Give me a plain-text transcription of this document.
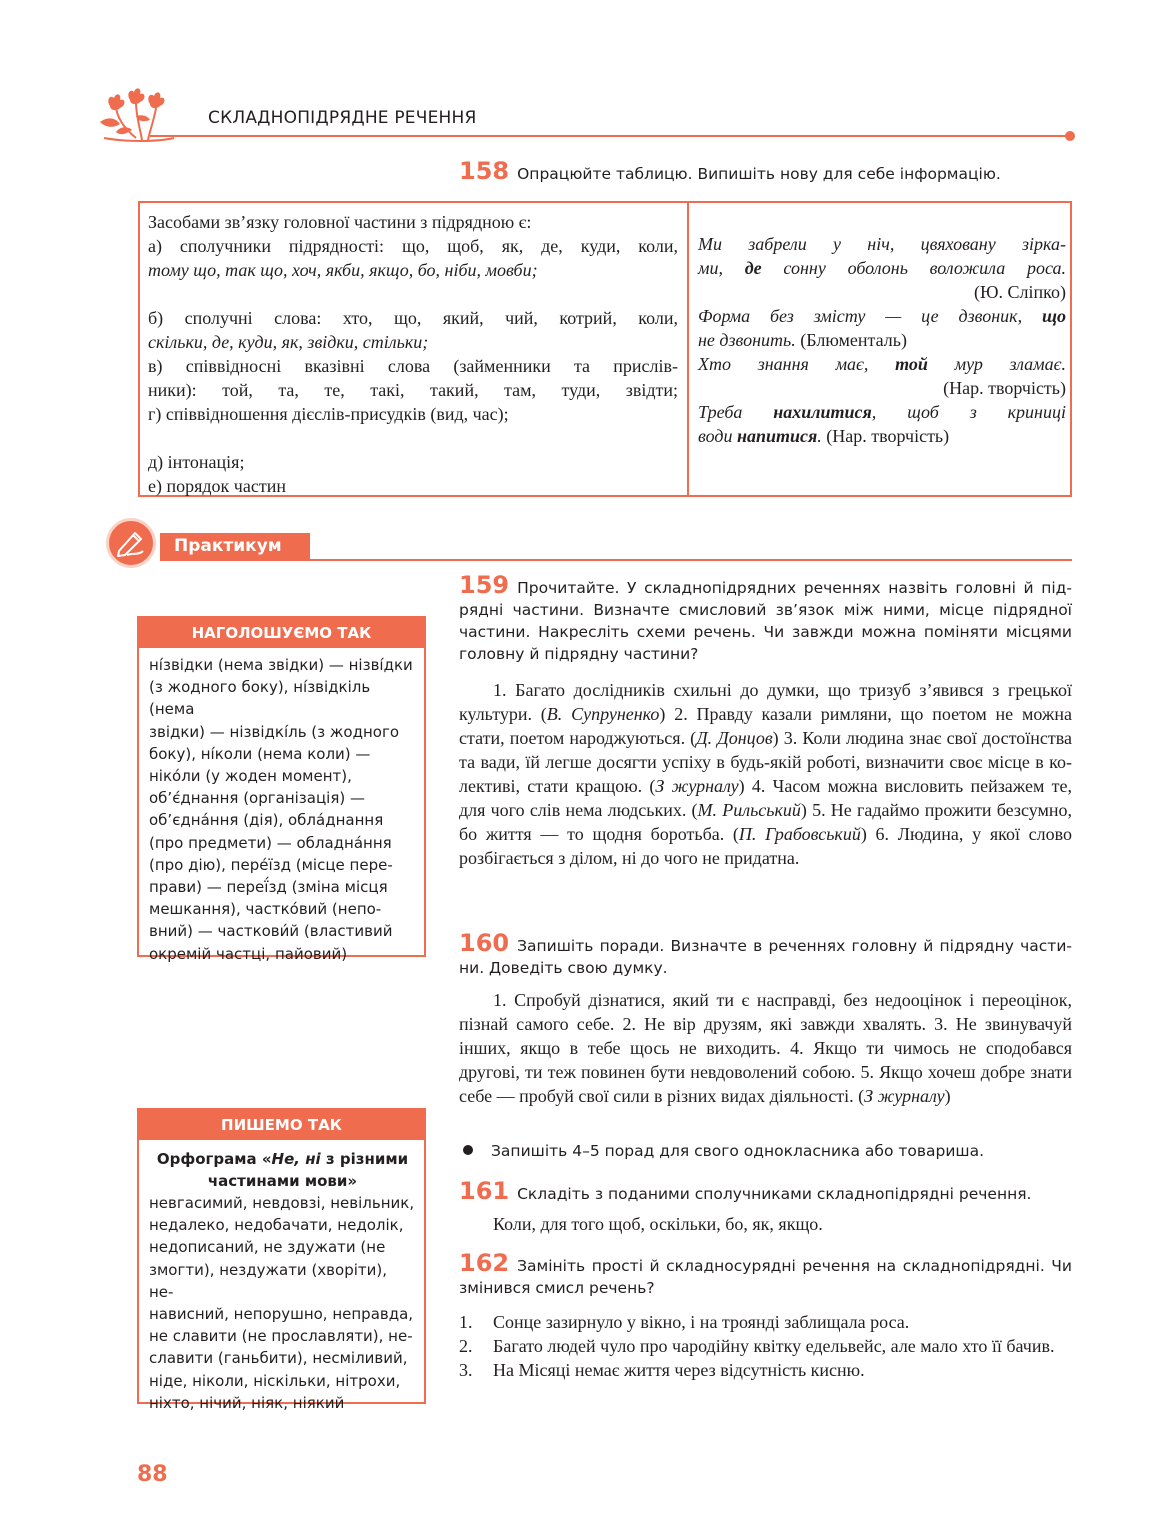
СКЛАДНОПІДРЯДНЕ РЕЧЕННЯ
158 Опрацюйте таблицю. Випишіть нову для себе інформацію.
Засобами зв’язку головної частини з підрядною є:
а) сполучники підрядності: що, щоб, як, де, куди, коли,
тому що, так що, хоч, якби, якщо, бо, ніби, мовби;
б) сполучні слова: хто, що, який, чий, котрий, коли,
скільки, де, куди, як, звідки, стільки;
в) співвідносні вказівні слова (займенники та прислів-
ники): той, та, те, такі, такий, там, туди, звідти;
г) співвідношення дієслів-присудків (вид, час);
д) інтонація;
е) порядок частин
Ми забрели у ніч, цвяховану зірка-
ми, де сонну оболонь воложила роса.
(Ю. Сліпко)
Форма без змісту — це дзвоник, що
не дзвонить. (Блюменталь)
Хто знання має, той мур зламає.
(Нар. творчість)
Треба нахилитися, щоб з криниці
води напитися. (Нар. творчість)
Практикум
НАГОЛОШУЄМО ТАК
ні́звідки (нема звідки) — нізві́дки
(з жодного боку), ні́звідкіль (нема
звідки) — нізвідкі́ль (з жодного
боку), ні́коли (нема коли) —
ніко́ли (у жоден момент),
об’є́днання (організація) —
об’єдна́ння (дія), обла́днання
(про предмети) — обладна́ння
(про дію), пере́їзд (місце пере-
прави) — переї́зд (зміна місця
мешкання), частко́вий (непо-
вний) — часткови́й (властивий
окремій частці, пайовий)
ПИШЕМО ТАК
Орфограма «Не, ні з різними
частинами мови»
невгасимий, невдовзі, невільник,
недалеко, недобачати, недолік,
недописаний, не здужати (не
змогти), нездужати (хворіти), не-
нависний, непорушно, неправда,
не славити (не прославляти), не-
славити (ганьбити), несміливий,
ніде, ніколи, ніскільки, нітрохи,
ніхто, нічий, ніяк, ніякий
159 Прочитайте. У складнопідрядних реченнях назвіть головні й підрядні частини. Визначте смисловий зв’язок між ними, місце підрядної частини. Накресліть схеми речень. Чи завжди можна поміняти місцями головну й підрядну частини?
1. Багато дослідників схильні до думки, що тризуб з’явився з грецької культури. (В. Супруненко) 2. Правду казали римляни, що поетом не можна стати, поетом народжуються. (Д. Донцов) 3. Коли людина знає свої достоїнства та вади, їй легше досягти успіху в будь-якій роботі, визначити своє місце в колективі, стати кращою. (З журналу) 4. Часом можна висловить пейзажем те, для чого слів нема людських. (М. Рильський) 5. Не гадаймо прожити безсумно, бо життя — то щодня боротьба. (П. Грабовський) 6. Людина, у якої слово розбігається з ділом, ні до чого не придатна.
160 Запишіть поради. Визначте в реченнях головну й підрядну частини. Доведіть свою думку.
1. Спробуй дізнатися, який ти є насправді, без недооцінок і переоцінок, пізнай самого себе. 2. Не вір друзям, які завжди хвалять. 3. Не звинувачуй інших, якщо в тебе щось не виходить. 4. Якщо ти чимось не сподобався другові, ти теж повинен бути невдоволений собою. 5. Якщо хочеш добре знати себе — пробуй свої сили в різних видах діяльності. (З журналу)
Запишіть 4–5 порад для свого однокласника або товариша.
161 Складіть з поданими сполучниками складнопідрядні речення.
Коли, для того щоб, оскільки, бо, як, якщо.
162 Замініть прості й складносурядні речення на складнопідрядні. Чи змінився смисл речень?
1.	Сонце зазирнуло у вікно, і на троянді заблищала роса.
2.	Багато людей чуло про чародійну квітку едельвейс, але мало хто її бачив.
3.	На Місяці немає життя через відсутність кисню.
88
